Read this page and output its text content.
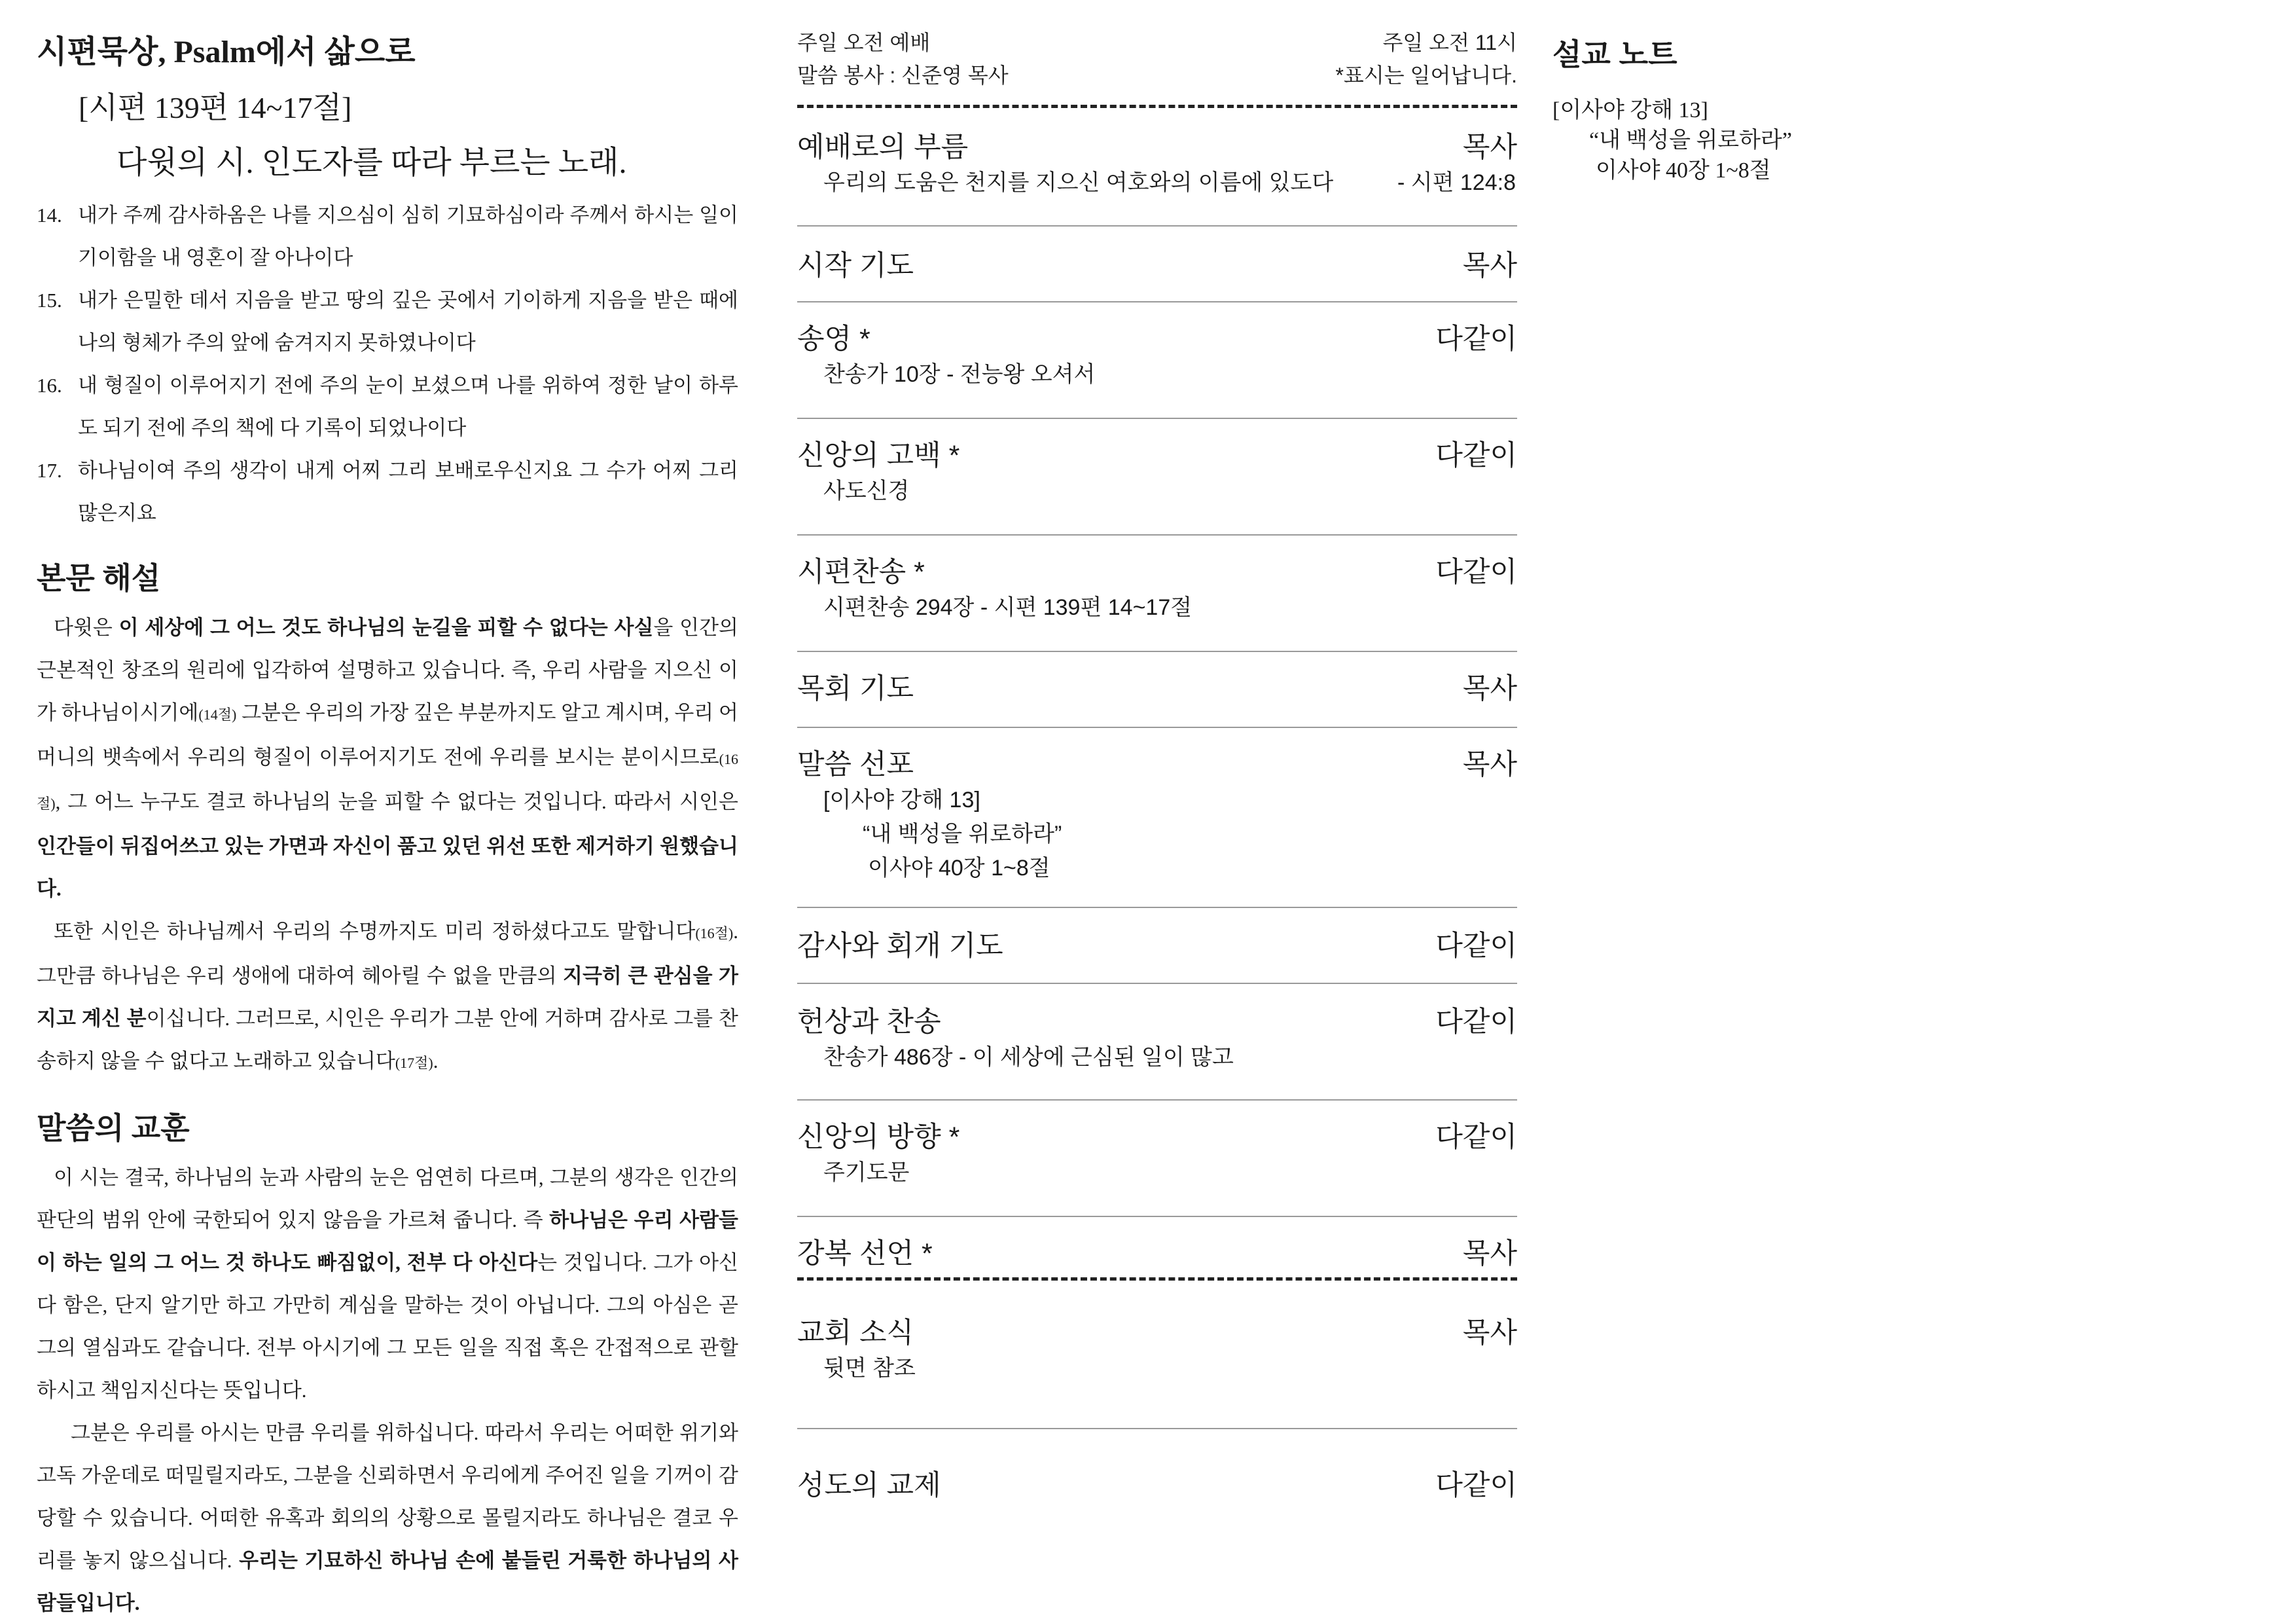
시편묵상, Psalm에서 삶으로
[시편 139편 14~17절]
다윗의 시. 인도자를 따라 부르는 노래.
14. 내가 주께 감사하옴은 나를 지으심이 심히 기묘하심이라 주께서 하시는 일이 기이함을 내 영혼이 잘 아나이다
15. 내가 은밀한 데서 지음을 받고 땅의 깊은 곳에서 기이하게 지음을 받은 때에 나의 형체가 주의 앞에 숨겨지지 못하였나이다
16. 내 형질이 이루어지기 전에 주의 눈이 보셨으며 나를 위하여 정한 날이 하루도 되기 전에 주의 책에 다 기록이 되었나이다
17. 하나님이여 주의 생각이 내게 어찌 그리 보배로우신지요 그 수가 어찌 그리 많은지요
본문 해설

다윗은 이 세상에 그 어느 것도 하나님의 눈길을 피할 수 없다는 사실을 인간의 근본적인 창조의 원리에 입각하여 설명하고 있습니다. 즉, 우리 사람을 지으신 이가 하나님이시기에(14절) 그분은 우리의 가장 깊은 부분까지도 알고 계시며, 우리 어머니의 뱃속에서 우리의 형질이 이루어지기도 전에 우리를 보시는 분이시므로(16절), 그 어느 누구도 결코 하나님의 눈을 피할 수 없다는 것입니다. 따라서 시인은 인간들이 뒤집어쓰고 있는 가면과 자신이 품고 있던 위선 또한 제거하기 원했습니다.

또한 시인은 하나님께서 우리의 수명까지도 미리 정하셨다고도 말합니다(16절). 그만큼 하나님은 우리 생애에 대하여 헤아릴 수 없을 만큼의 지극히 큰 관심을 가지고 계신 분이십니다. 그러므로, 시인은 우리가 그분 안에 거하며 감사로 그를 찬송하지 않을 수 없다고 노래하고 있습니다(17절).

말씀의 교훈

이 시는 결국, 하나님의 눈과 사람의 눈은 엄연히 다르며, 그분의 생각은 인간의 판단의 범위 안에 국한되어 있지 않음을 가르쳐 줍니다. 즉 하나님은 우리 사람들이 하는 일의 그 어느 것 하나도 빠짐없이, 전부 다 아신다는 것입니다. 그가 아신다 함은, 단지 알기만 하고 가만히 계심을 말하는 것이 아닙니다. 그의 아심은 곧 그의 열심과도 같습니다. 전부 아시기에 그 모든 일을 직접 혹은 간접적으로 관할하시고 책임지신다는 뜻입니다.

그분은 우리를 아시는 만큼 우리를 위하십니다. 따라서 우리는 어떠한 위기와 고독 가운데로 떠밀릴지라도, 그분을 신뢰하면서 우리에게 주어진 일을 기꺼이 감당할 수 있습니다. 어떠한 유혹과 회의의 상황으로 몰릴지라도 하나님은 결코 우리를 놓지 않으십니다. 우리는 기묘하신 하나님 손에 붙들린 거룩한 하나님의 사람들입니다.

주일 오전 예배	주일 오전 11시
말씀 봉사 : 신준영 목사	*표시는 일어납니다.
예배로의 부름	목사
우리의 도움은 천지를 지으신 여호와의 이름에 있도다	- 시편 124:8
시작 기도	목사
송영 *	다같이
찬송가 10장 - 전능왕 오셔서
신앙의 고백 *	다같이
사도신경
시편찬송 *	다같이
시편찬송 294장 - 시편 139편 14~17절
목회 기도	목사
말씀 선포	목사
[이사야 강해 13]
“내 백성을 위로하라”
이사야 40장 1~8절
감사와 회개 기도	다같이
헌상과 찬송	다같이
찬송가 486장 - 이 세상에 근심된 일이 많고
신앙의 방향 *	다같이
주기도문
강복 선언 *	목사
교회 소식	목사
뒷면 참조
성도의 교제	다같이
설교 노트
[이사야 강해 13]
“내 백성을 위로하라”
이사야 40장 1~8절
